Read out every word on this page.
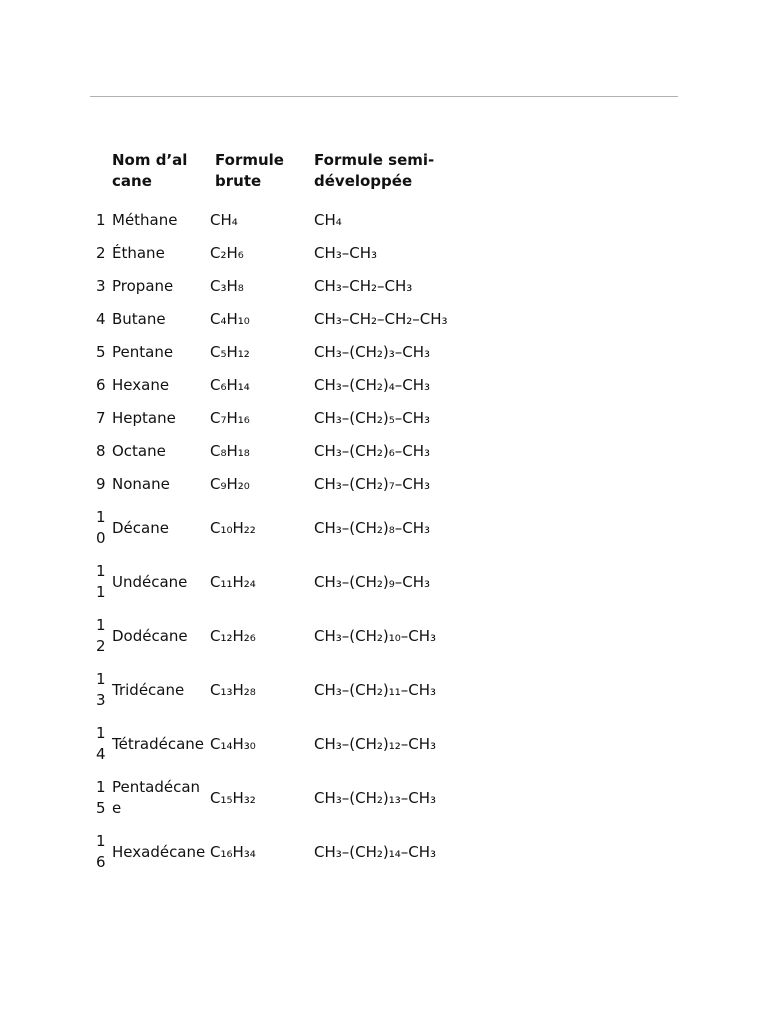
	Nom d’alcane	Formule brute	Formule semi-développée

1	Méthane	CH₄	CH₄

2	Éthane	C₂H₆	CH₃–CH₃

3	Propane	C₃H₈	CH₃–CH₂–CH₃

4	Butane	C₄H₁₀	CH₃–CH₂–CH₂–CH₃

5	Pentane	C₅H₁₂	CH₃–(CH₂)₃–CH₃

6	Hexane	C₆H₁₄	CH₃–(CH₂)₄–CH₃

7	Heptane	C₇H₁₆	CH₃–(CH₂)₅–CH₃

8	Octane	C₈H₁₈	CH₃–(CH₂)₆–CH₃

9	Nonane	C₉H₂₀	CH₃–(CH₂)₇–CH₃

10	Décane	C₁₀H₂₂	CH₃–(CH₂)₈–CH₃

11	Undécane	C₁₁H₂₄	CH₃–(CH₂)₉–CH₃

12	Dodécane	C₁₂H₂₆	CH₃–(CH₂)₁₀–CH₃

13	Tridécane	C₁₃H₂₈	CH₃–(CH₂)₁₁–CH₃

14	Tétradécane	C₁₄H₃₀	CH₃–(CH₂)₁₂–CH₃

15	Pentadécane	C₁₅H₃₂	CH₃–(CH₂)₁₃–CH₃

16	Hexadécane	C₁₆H₃₄	CH₃–(CH₂)₁₄–CH₃
